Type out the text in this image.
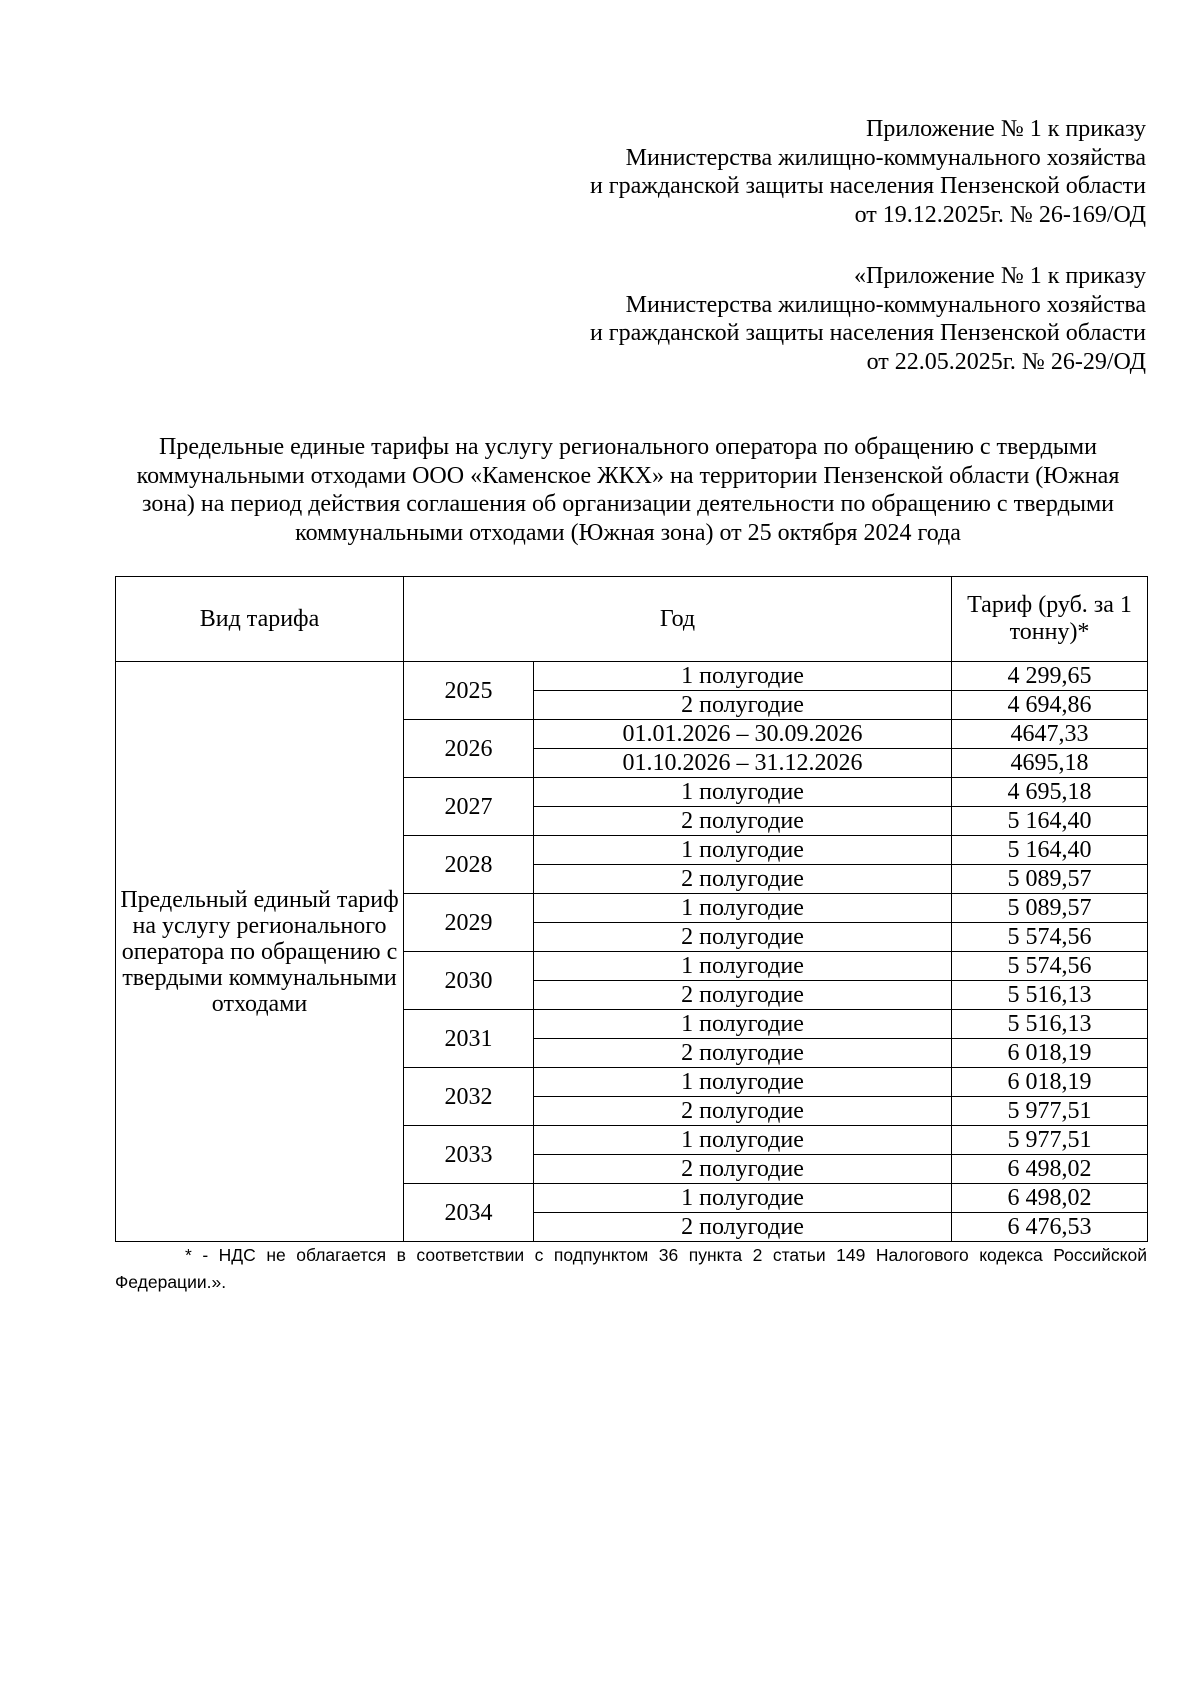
Приложение № 1 к приказу
Министерства жилищно-коммунального хозяйства
и гражданской защиты населения Пензенской области
от 19.12.2025г. № 26-169/ОД
«Приложение № 1 к приказу
Министерства жилищно-коммунального хозяйства
и гражданской защиты населения Пензенской области
от 22.05.2025г. № 26-29/ОД
Предельные единые тарифы на услугу регионального оператора по обращению с твердыми
коммунальными отходами ООО «Каменское ЖКХ» на территории Пензенской области (Южная
зона) на период действия соглашения об организации деятельности по обращению с твердыми
коммунальными отходами (Южная зона) от 25 октября 2024 года
Вид тарифа	Год		Тариф (руб. за 1 тонну)*
Предельный единый тариф на услугу регионального оператора по обращению с твердыми коммунальными отходами	2025	1 полугодие	4 299,65
		2 полугодие	4 694,86
	2026	01.01.2026 – 30.09.2026	4647,33
		01.10.2026 – 31.12.2026	4695,18
	2027	1 полугодие	4 695,18
		2 полугодие	5 164,40
	2028	1 полугодие	5 164,40
		2 полугодие	5 089,57
	2029	1 полугодие	5 089,57
		2 полугодие	5 574,56
	2030	1 полугодие	5 574,56
		2 полугодие	5 516,13
	2031	1 полугодие	5 516,13
		2 полугодие	6 018,19
	2032	1 полугодие	6 018,19
		2 полугодие	5 977,51
	2033	1 полугодие	5 977,51
		2 полугодие	6 498,02
	2034	1 полугодие	6 498,02
		2 полугодие	6 476,53
* - НДС не облагается в соответствии с подпунктом 36 пункта 2 статьи 149 Налогового кодекса Российской Федерации.».
